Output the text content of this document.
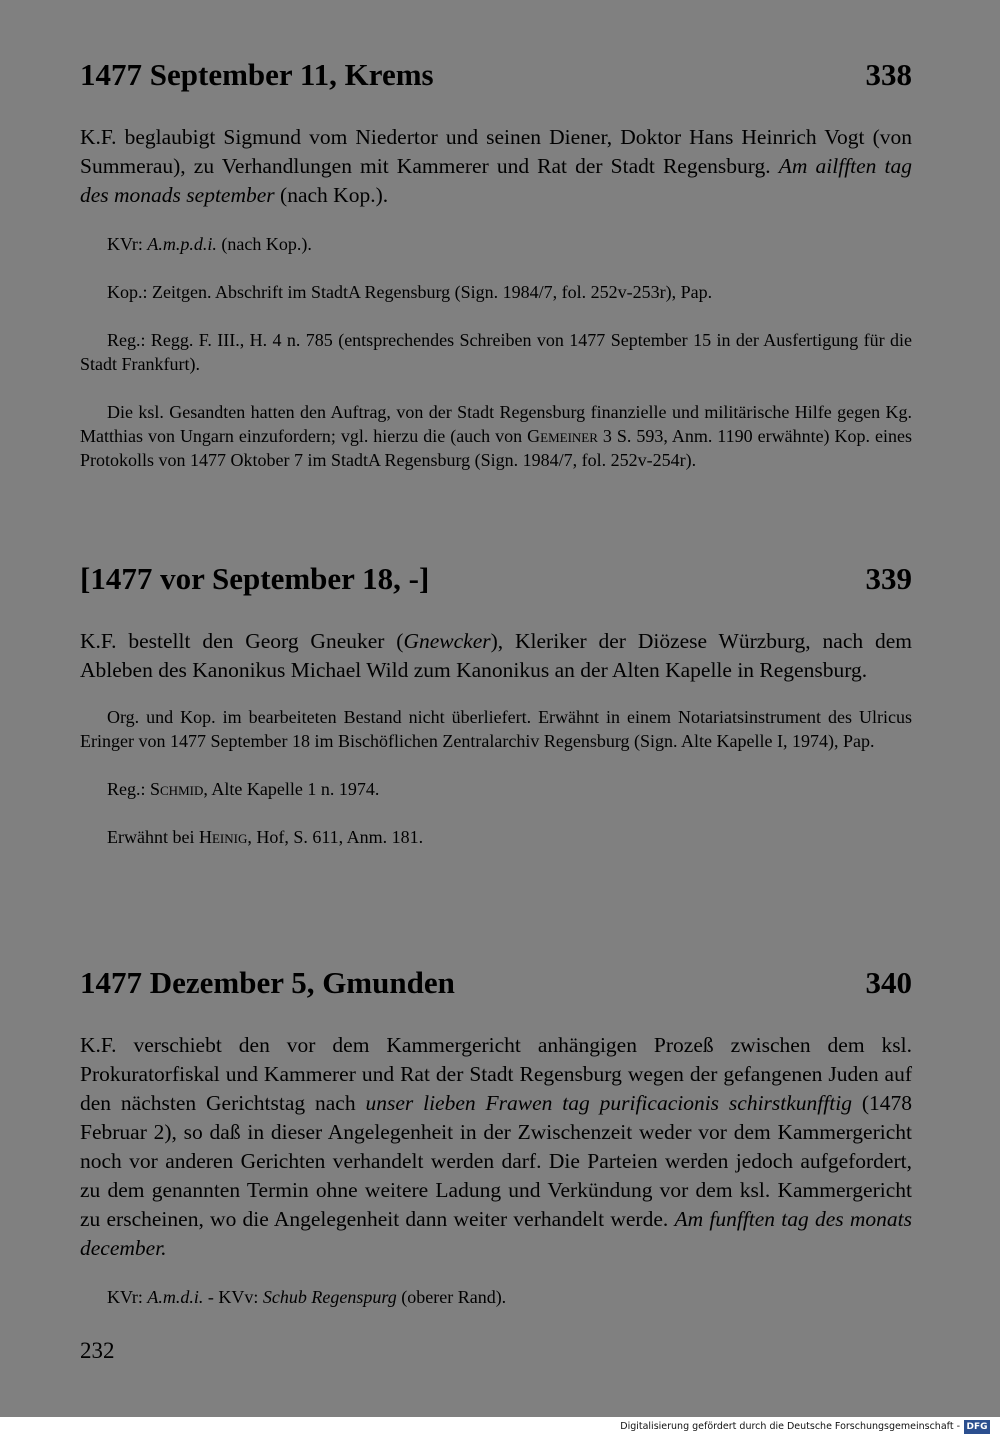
1477 September 11, Krems	338

K.F. beglaubigt Sigmund vom Niedertor und seinen Diener, Doktor Hans Heinrich Vogt (von Summerau), zu Verhandlungen mit Kammerer und Rat der Stadt Regensburg. Am ailfften tag des monads september (nach Kop.).

KVr: A.m.p.d.i. (nach Kop.).

Kop.: Zeitgen. Abschrift im StadtA Regensburg (Sign. 1984/7, fol. 252v-253r), Pap.

Reg.: Regg. F. III., H. 4 n. 785 (entsprechendes Schreiben von 1477 September 15 in der Ausfertigung für die Stadt Frankfurt).

Die ksl. Gesandten hatten den Auftrag, von der Stadt Regensburg finanzielle und militärische Hilfe gegen Kg. Matthias von Ungarn einzufordern; vgl. hierzu die (auch von Gemeiner 3 S. 593, Anm. 1190 erwähnte) Kop. eines Protokolls von 1477 Oktober 7 im StadtA Regensburg (Sign. 1984/7, fol. 252v-254r).

[1477 vor September 18, -]	339

K.F. bestellt den Georg Gneuker (Gnewcker), Kleriker der Diözese Würzburg, nach dem Ableben des Kanonikus Michael Wild zum Kanonikus an der Alten Kapelle in Regensburg.

Org. und Kop. im bearbeiteten Bestand nicht überliefert. Erwähnt in einem Notariatsinstrument des Ulricus Eringer von 1477 September 18 im Bischöflichen Zentralarchiv Regensburg (Sign. Alte Kapelle I, 1974), Pap.

Reg.: Schmid, Alte Kapelle 1 n. 1974.

Erwähnt bei Heinig, Hof, S. 611, Anm. 181.

1477 Dezember 5, Gmunden	340

K.F. verschiebt den vor dem Kammergericht anhängigen Prozeß zwischen dem ksl. Prokuratorfiskal und Kammerer und Rat der Stadt Regensburg wegen der gefangenen Juden auf den nächsten Gerichtstag nach unser lieben Frawen tag purificacionis schirstkunfftig (1478 Februar 2), so daß in dieser Angelegenheit in der Zwischenzeit weder vor dem Kammergericht noch vor anderen Gerichten verhandelt werden darf. Die Parteien werden jedoch aufgefordert, zu dem genannten Termin ohne weitere Ladung und Verkündung vor dem ksl. Kammergericht zu erscheinen, wo die Angelegenheit dann weiter verhandelt werde. Am funfften tag des monats december.

KVr: A.m.d.i. - KVv: Schub Regenspurg (oberer Rand).

232
Digitalisierung gefördert durch die Deutsche Forschungsgemeinschaft - DFG
